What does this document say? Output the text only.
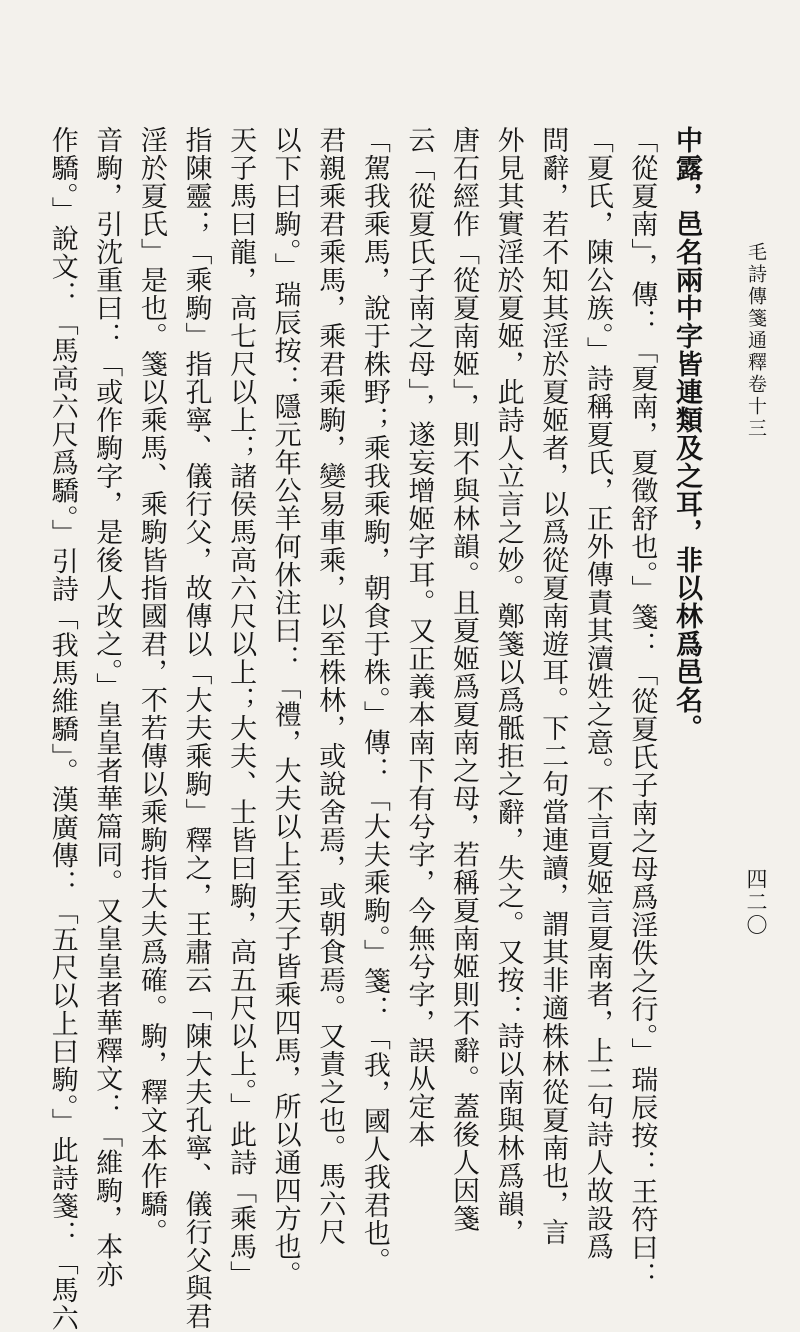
毛詩傳箋通釋卷十三
四二〇
中露，邑名兩中字皆連類及之耳，非以林爲邑名。
「從夏南」，傳：「夏南，夏徵舒也。」箋：「從夏氏子南之母爲淫佚之行。」瑞辰按：王符曰：
「夏氏，陳公族。」詩稱夏氏，正外傳責其瀆姓之意。不言夏姬言夏南者，上二句詩人故設爲
問辭，若不知其淫於夏姬者，以爲從夏南遊耳。下二句當連讀，謂其非適株林從夏南也，言
外見其實淫於夏姬，此詩人立言之妙。鄭箋以爲骶拒之辭，失之。又按：詩以南與林爲韻，
唐石經作「從夏南姬」，則不與林韻。且夏姬爲夏南之母，若稱夏南姬則不辭。蓋後人因箋
云「從夏氏子南之母」，遂妄增姬字耳。又正義本南下有兮字，今無兮字，誤从定本
「駕我乘馬，說于株野；乘我乘駒，朝食于株。」傳：「大夫乘駒。」箋：「我，國人我君也。
君親乘君乘馬，乘君乘駒，變易車乘，以至株林，或說舍焉，或朝食焉。又責之也。馬六尺
以下曰駒。」瑞辰按：隱元年公羊何休注曰：「禮，大夫以上至天子皆乘四馬，所以通四方也。
天子馬曰龍，高七尺以上；諸侯馬高六尺以上；大夫、士皆曰駒，高五尺以上。」此詩「乘馬」
指陳靈；「乘駒」指孔寧、儀行父，故傳以「大夫乘駒」釋之，王肅云「陳大夫孔寧、儀行父與君
淫於夏氏」是也。箋以乘馬、乘駒皆指國君，不若傳以乘駒指大夫爲確。駒，釋文本作驕。
音駒，引沈重曰：「或作駒字，是後人改之。」皇皇者華篇同。又皇皇者華釋文：「維駒，本亦
作驕。」說文：「馬高六尺爲驕。」引詩「我馬維驕」。漢廣傳：「五尺以上曰駒。」此詩箋：「馬六
